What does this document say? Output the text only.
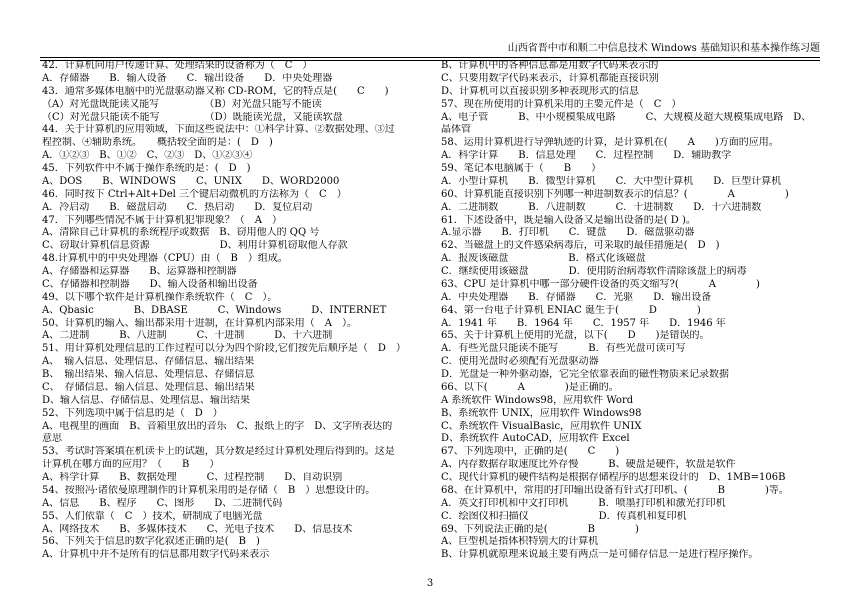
山西省晋中市和顺二中信息技术 Windows 基础知识和基本操作练习题
42．计算机向用户传递计算、处理结果的设备称为（　C　）
A．存储器　　B．输入设备　　C．输出设备　　D．中央处理器
43．通常多媒体电脑中的光盘驱动器又称 CD-ROM，它的特点是(　　C　　)
（A）对光盘既能读又能写　　　　　（B）对光盘只能写不能读
（C）对光盘只能读不能写　　　　　（D）既能读光盘，又能读软盘
44．关于计算机的应用领域，下面这些说法中：①科学计算、②数据处理、③过
程控制、④辅助系统。　　概括较全面的是：(　D　)
A．①②③　B、①②　C、②③　D、①②③④
45．下列软件中不属于操作系统的是：(　D　)
A、DOS　　B、WINDOWS　　C、UNIX　　D、WORD2000
46．同时按下 Ctrl+Alt+Del 三个键启动微机的方法称为（　C　）
A．冷启动　　B．磁盘启动　　C．热启动　　D．复位启动
47．下列哪些情况不属于计算机犯罪现象？（　A　）
A、清除自己计算机的系统程序或数据　B、窃用他人的 QQ 号
C、窃取计算机信息资源　　　　　　　D、利用计算机窃取他人存款
48.计算机中的中央处理器（CPU）由（　B　）组成。
A、存储器和运算器　　B、运算器和控制器
C、存储器和控制器　　D、输入设备和输出设备
49、以下哪个软件是计算机操作系统软件（　C　）。
A、Qbasic　　　　B、DBASE　　　C、Windows　　　D、INTERNET
50、计算机的输入、输出都采用十进制，在计算机内部采用（　A　）。
A、二进制　　　B、八进制　　　C、十进制　　　D、十六进制
51、用计算机处理信息的工作过程可以分为四个阶段,它们按先后顺序是（　D　）
A、　输入信息、处理信息、存储信息、输出结果
B、　输出结果、输入信息、处理信息、存储信息
C、　存储信息、输入信息、处理信息、输出结果
D、输入信息、存储信息、处理信息、输出结果
52、下列选项中属于信息的是（　D　）
A、电视里的画面　B、音箱里放出的音乐　C、报纸上的字　D、文字所表达的
意思
53、考试时答案填在机读卡上的试题，其分数是经过计算机处理后得到的。这是
计算机在哪方面的应用？（　　B　　）
A、科学计算　　B、数据处理　　　C、过程控制　　D、自动识别
54、按照冯·诸依曼原理制作的计算机采用的是存储（　B　）思想设计的。
A、信息　　B、程序　　C、图形　　D、二进制代码
55、人们依靠（　C　）技术，研制成了电脑光盘
A、网络技术　　B、多媒体技术　　C、光电子技术　　D、信息技术
56、下列关于信息的数字化叙述正确的是(　B　)
A、计算机中并不是所有的信息都用数字代码来表示
B、计算机中的各种信息都是用数字代码来表示的
C、只要用数字代码来表示，计算机都能直接识别
D、计算机可以直接识别多种表现形式的信息
57、现在所使用的计算机采用的主要元件是（　C　）
A、电子管　　　B、中小规模集成电路　　　C、大规模及超大规模集成电路　D、
晶体管
58、运用计算机进行导弹轨迹的计算，是计算机在(　　A　　)方面的应用。
A．科学计算　　B．信息处理　　C．过程控制　　D．辅助教学
59、笔记本电脑属于（　　B　　）
A．小型计算机　　B．微型计算机　　C．大中型计算机　　D．巨型计算机
60、计算机能直接识别下列哪一种进制数表示的信息？(　　　　A　　　　　)
A．二进制数　　　B．八进制数　　　C．十进制数　　D．十六进制数
61．下述设备中，既是输入设备又是输出设备的是( D )。
A.显示器　　B．打印机　　C．键盘　　D．磁盘驱动器
62、当磁盘上的文件感染病毒后，可采取的最佳措施是(　D　)
A．报废该磁盘　　　　　　B．格式化该磁盘
C．继续使用该磁盘　　　　D．使用防治病毒软件清除该盘上的病毒
63、CPU 是计算机中哪一部分硬件设备的英文缩写?(　　　A　　　　)
A．中央处理器　　B．存储器　　C．光驱　　D．输出设备
64、第一台电子计算机 ENIAC 诞生于(　　　D　　　　)
A．1941 年　　B．1964 年　　C．1957 年　　D．1946 年
65、关于计算机上使用的光盘，以下(　　D　　)是错误的。
A．有些光盘只能读不能写　　　B．有些光盘可读可写
C．使用光盘时必须配有光盘驱动器
D．光盘是一种外驱动器，它完全依靠表面的磁性物质来记录数据
66、以下(　　　A　　　　)是正确的。
A 系统软件 Windows98，应用软件 Word
B、系统软件 UNIX，应用软件 Windows98
C、系统软件 VisualBasic，应用软件 UNIX
D、系统软件 AutoCAD，应用软件 Excel
67、下列选项中，正确的是(　　C　　)
A、内存数据存取速度比外存慢　　　B、硬盘是硬件，软盘是软件
C、现代计算机的硬件结构是根据存储程序的思想来设计的　D、1MB=106B
68、在计算机中，常用的打印输出设备有针式打印机、(　　　B　　　　)等。
A．英文打印机和中文打印机　　　B．喷墨打印机和激光打印机
C．绘图仪和扫描仪　　　　　　　D．传真机和复印机
69、下列说法正确的是(　　　　B　　　　)
A、巨型机是指体积特别大的计算机
B、计算机就原理来说最主要有两点一是可储存信息一是进行程序操作。
3
